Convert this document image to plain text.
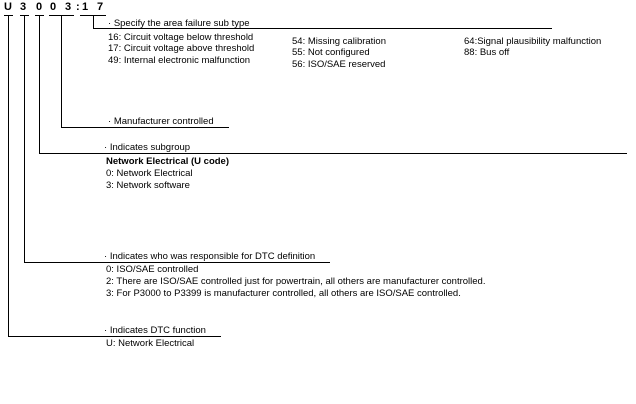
U 3 0 0 3 : 1 7
· Specify the area failure sub type
16: Circuit voltage below threshold
17: Circuit voltage above threshold
49: Internal electronic malfunction
54: Missing calibration
55: Not configured
56: ISO/SAE reserved
64:Signal plausibility malfunction
88: Bus off
· Manufacturer controlled
· Indicates subgroup
Network Electrical (U code)
0: Network Electrical
3: Network software
· Indicates who was responsible for DTC definition
0: ISO/SAE controlled
2: There are ISO/SAE controlled just for powertrain, all others are manufacturer controlled.
3: For P3000 to P3399 is manufacturer controlled, all others are ISO/SAE controlled.
· Indicates DTC function
U: Network Electrical
